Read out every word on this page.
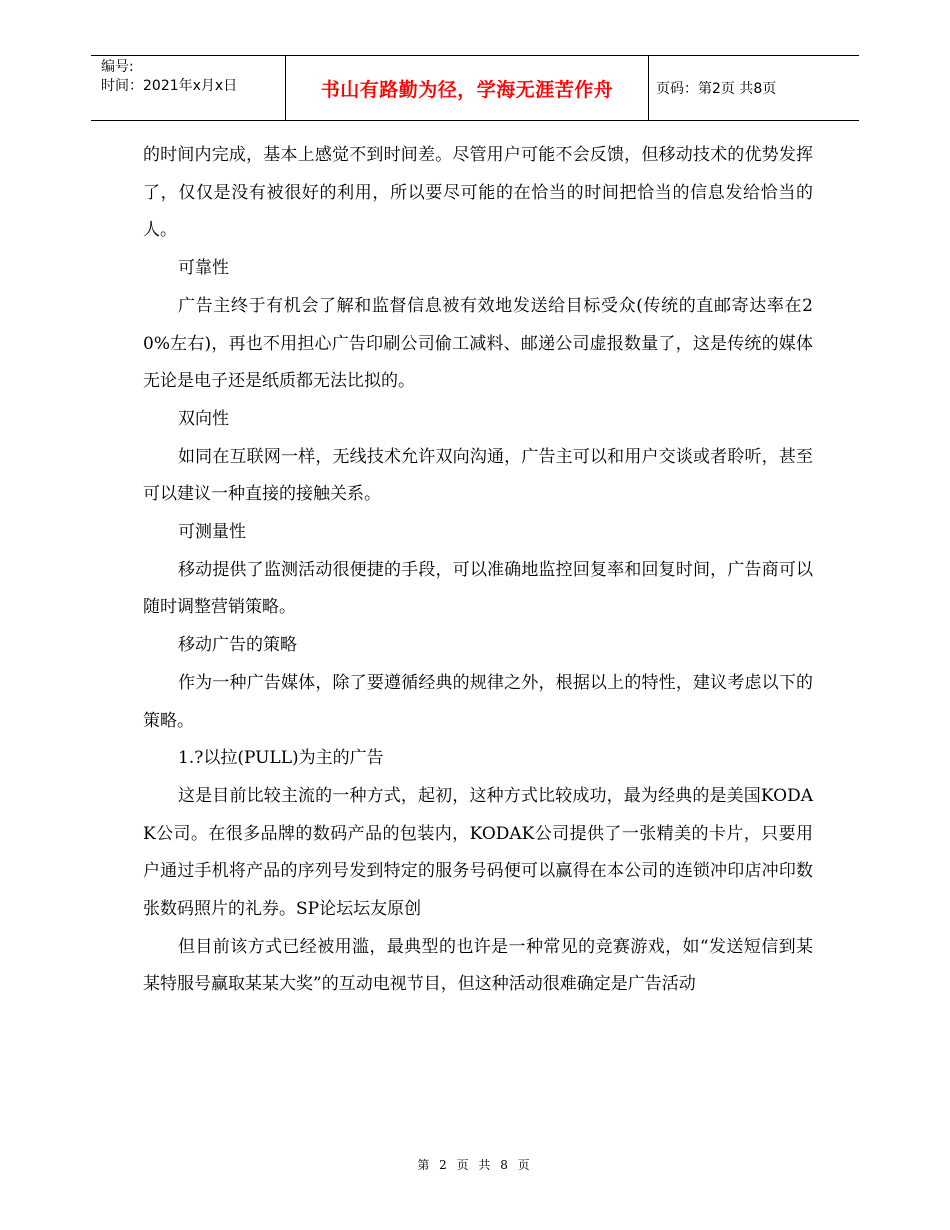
编号:
时间：2021年x月x日	书山有路勤为径，学海无涯苦作舟	页码：第2页 共8页

的时间内完成，基本上感觉不到时间差。尽管用户可能不会反馈，但移动技术的优势发挥了，仅仅是没有被很好的利用，所以要尽可能的在恰当的时间把恰当的信息发给恰当的人。

可靠性

广告主终于有机会了解和监督信息被有效地发送给目标受众(传统的直邮寄达率在20%左右)，再也不用担心广告印刷公司偷工减料、邮递公司虚报数量了，这是传统的媒体无论是电子还是纸质都无法比拟的。

双向性

如同在互联网一样，无线技术允许双向沟通，广告主可以和用户交谈或者聆听，甚至可以建议一种直接的接触关系。

可测量性

移动提供了监测活动很便捷的手段，可以准确地监控回复率和回复时间，广告商可以随时调整营销策略。

移动广告的策略

作为一种广告媒体，除了要遵循经典的规律之外，根据以上的特性，建议考虑以下的策略。

1.?以拉(PULL)为主的广告

这是目前比较主流的一种方式，起初，这种方式比较成功，最为经典的是美国KODAK公司。在很多品牌的数码产品的包装内，KODAK公司提供了一张精美的卡片，只要用户通过手机将产品的序列号发到特定的服务号码便可以赢得在本公司的连锁冲印店冲印数张数码照片的礼券。SP论坛坛友原创

但目前该方式已经被用滥，最典型的也许是一种常见的竞赛游戏，如“发送短信到某某特服号赢取某某大奖”的互动电视节目，但这种活动很难确定是广告活动

第 2 页 共 8 页
